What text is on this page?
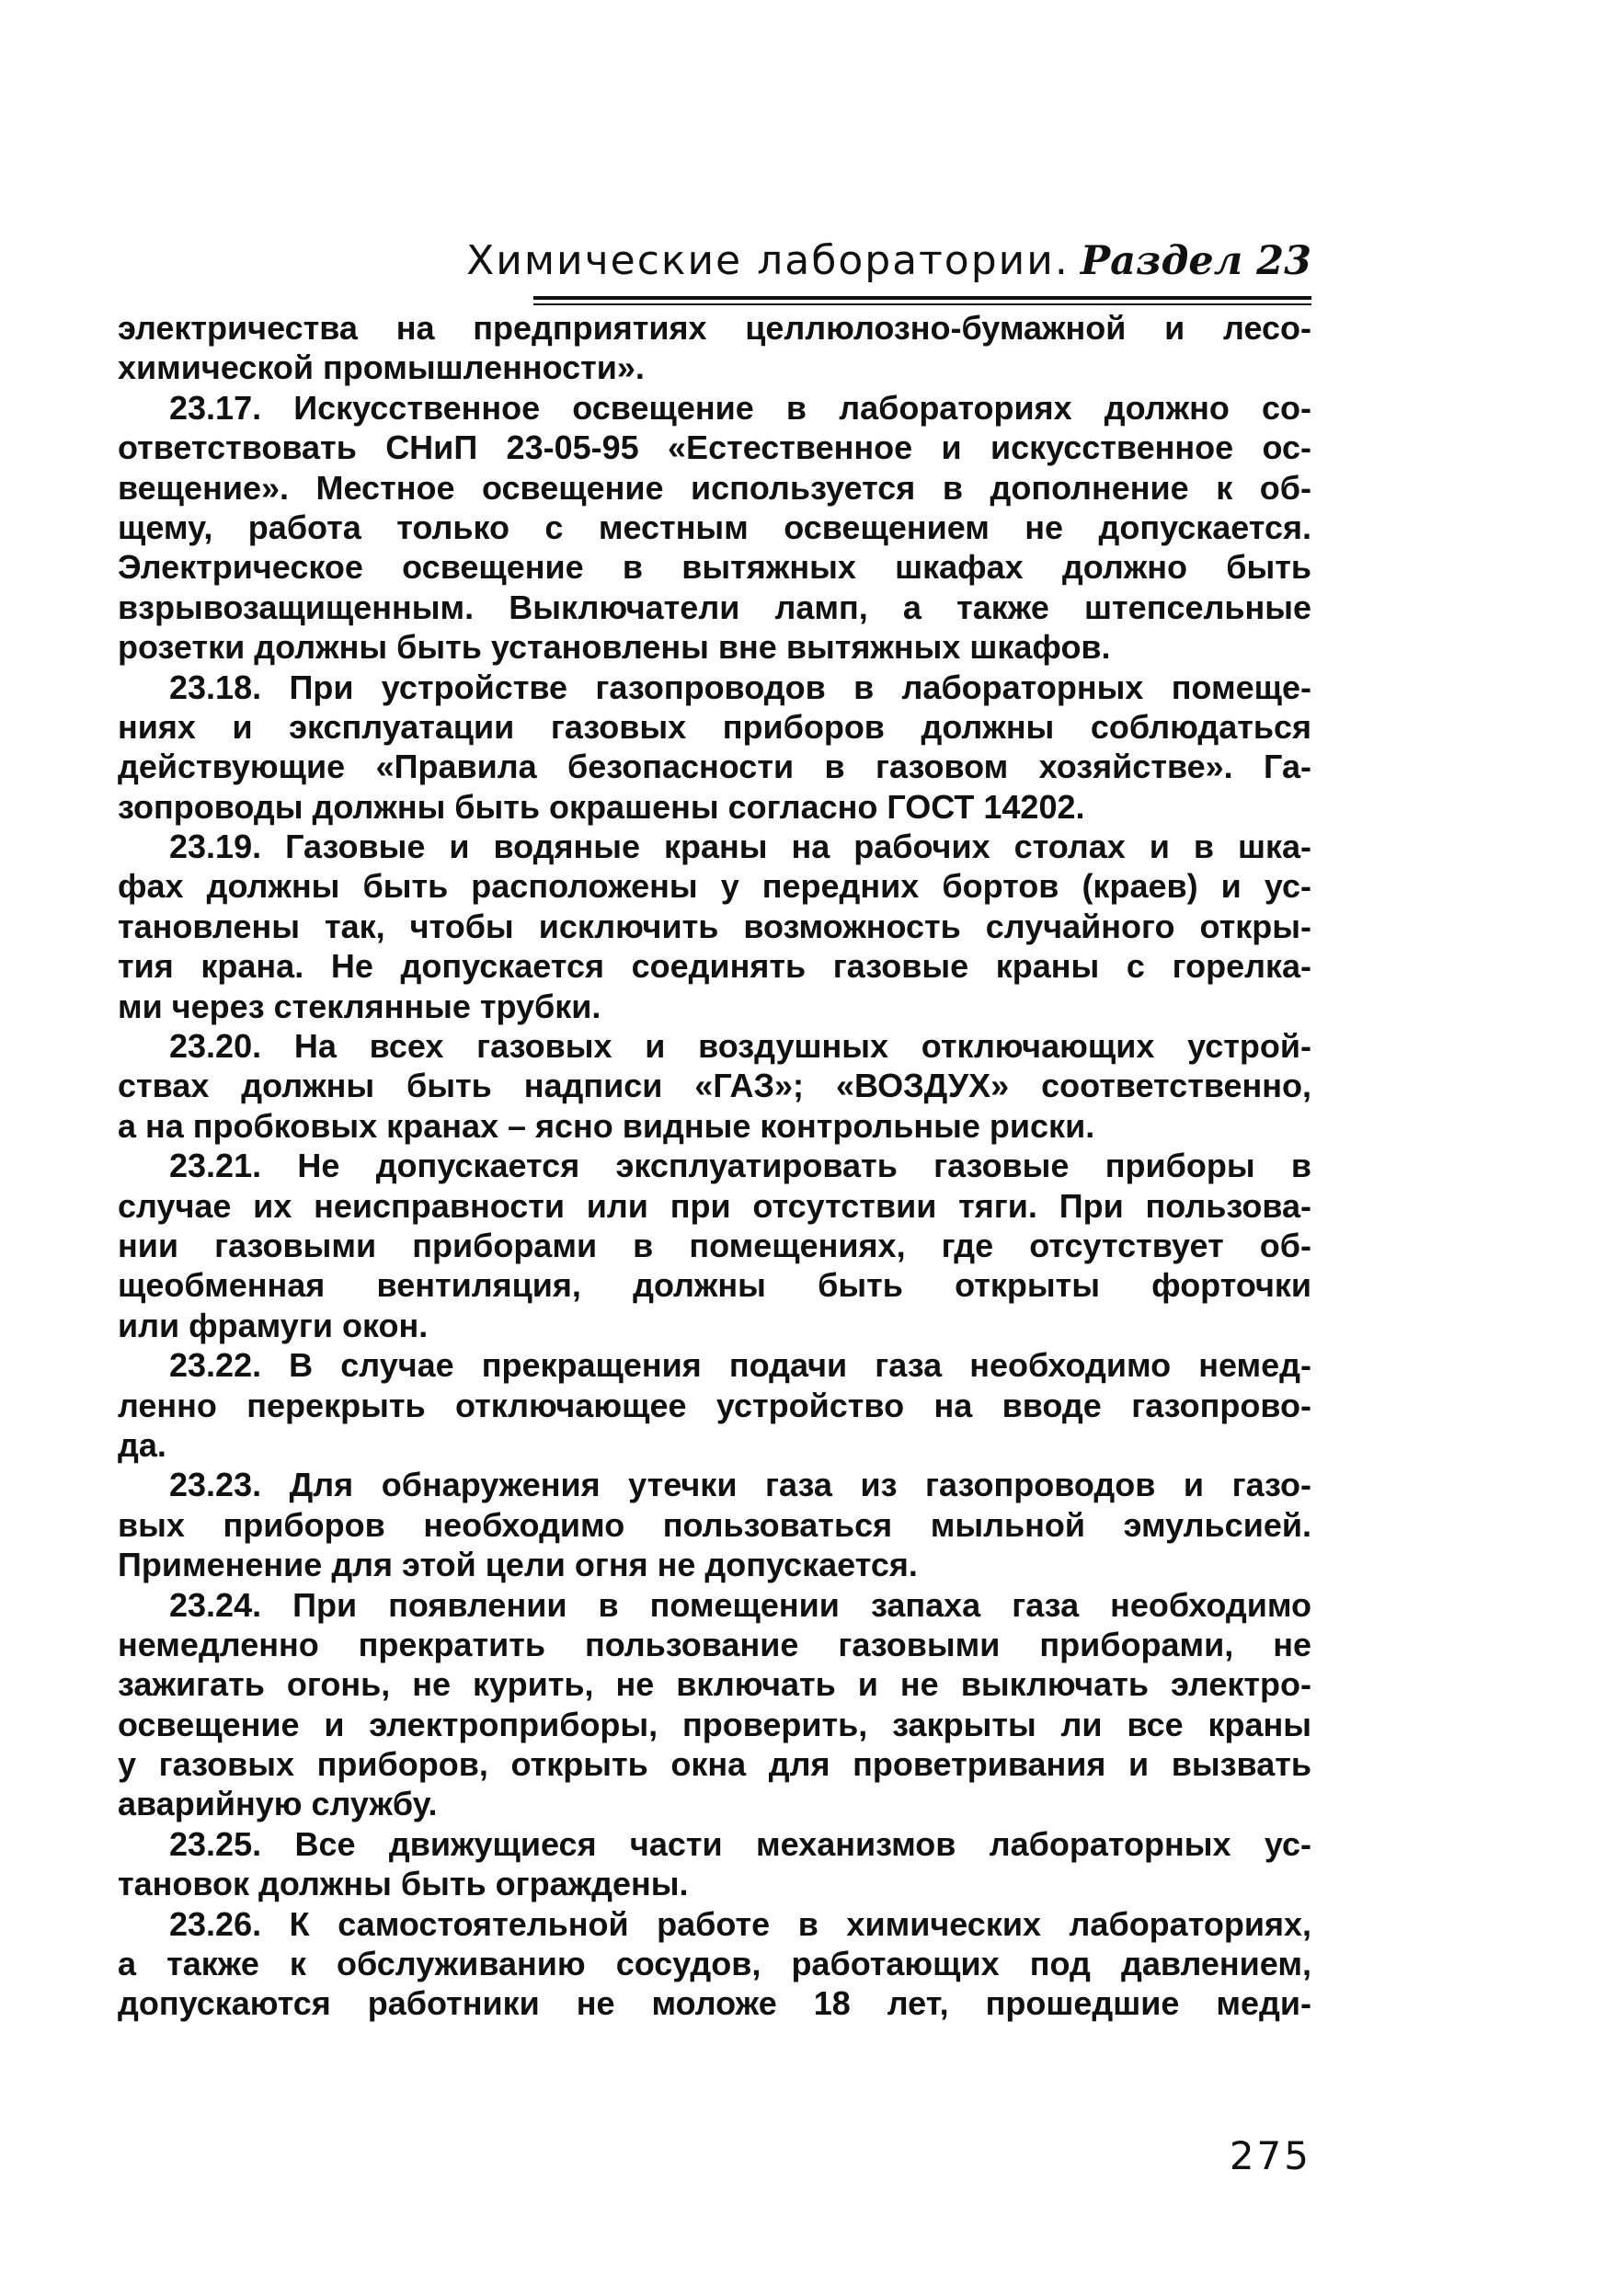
Химические лаборатории. Раздел 23
электричества на предприятиях целлюлозно-бумажной и лесо-
химической промышленности».
23.17. Искусственное освещение в лабораториях должно со-
ответствовать СНиП 23-05-95 «Естественное и искусственное ос-
вещение». Местное освещение используется в дополнение к об-
щему, работа только с местным освещением не допускается.
Электрическое освещение в вытяжных шкафах должно быть
взрывозащищенным. Выключатели ламп, а также штепсельные
розетки должны быть установлены вне вытяжных шкафов.
23.18. При устройстве газопроводов в лабораторных помеще-
ниях и эксплуатации газовых приборов должны соблюдаться
действующие «Правила безопасности в газовом хозяйстве». Га-
зопроводы должны быть окрашены согласно ГОСТ 14202.
23.19. Газовые и водяные краны на рабочих столах и в шка-
фах должны быть расположены у передних бортов (краев) и ус-
тановлены так, чтобы исключить возможность случайного откры-
тия крана. Не допускается соединять газовые краны с горелка-
ми через стеклянные трубки.
23.20. На всех газовых и воздушных отключающих устрой-
ствах должны быть надписи «ГАЗ»; «ВОЗДУХ» соответственно,
а на пробковых кранах – ясно видные контрольные риски.
23.21. Не допускается эксплуатировать газовые приборы в
случае их неисправности или при отсутствии тяги. При пользова-
нии газовыми приборами в помещениях, где отсутствует об-
щеобменная вентиляция, должны быть открыты форточки
или фрамуги окон.
23.22. В случае прекращения подачи газа необходимо немед-
ленно перекрыть отключающее устройство на вводе газопрово-
да.
23.23. Для обнаружения утечки газа из газопроводов и газо-
вых приборов необходимо пользоваться мыльной эмульсией.
Применение для этой цели огня не допускается.
23.24. При появлении в помещении запаха газа необходимо
немедленно прекратить пользование газовыми приборами, не
зажигать огонь, не курить, не включать и не выключать электро-
освещение и электроприборы, проверить, закрыты ли все краны
у газовых приборов, открыть окна для проветривания и вызвать
аварийную службу.
23.25. Все движущиеся части механизмов лабораторных ус-
тановок должны быть ограждены.
23.26. К самостоятельной работе в химических лабораториях,
а также к обслуживанию сосудов, работающих под давлением,
допускаются работники не моложе 18 лет, прошедшие меди-
275
